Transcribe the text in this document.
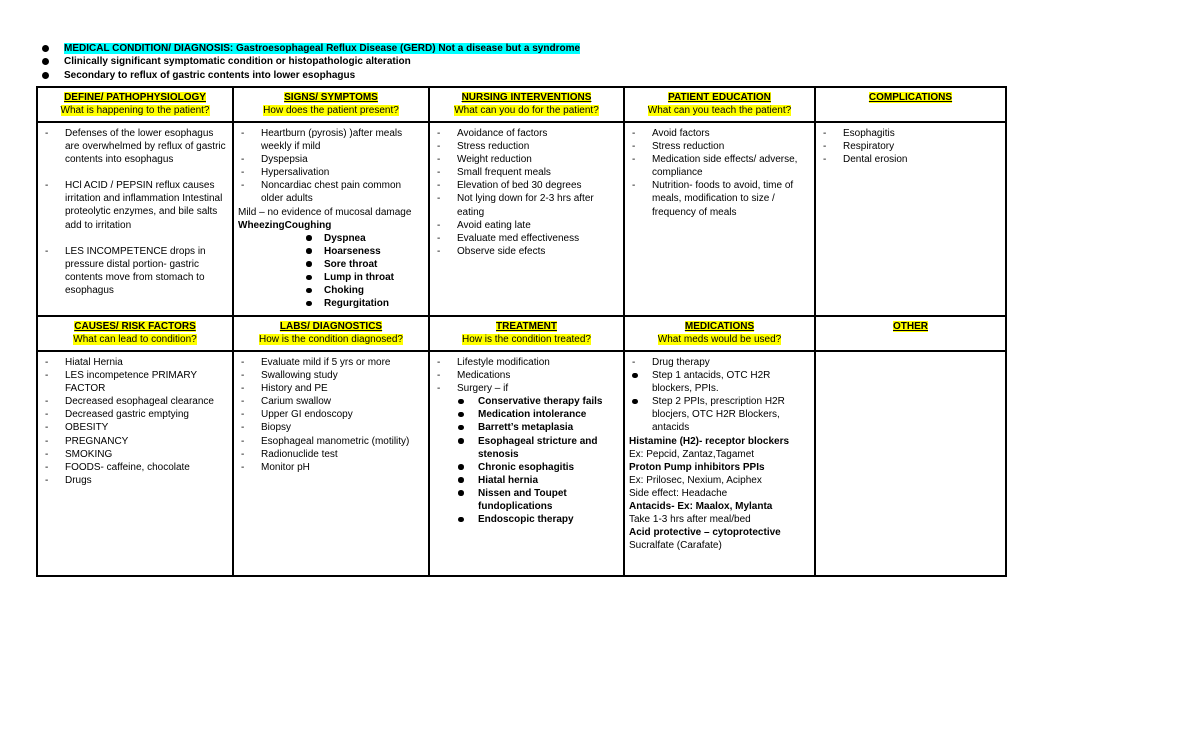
MEDICAL CONDITION/ DIAGNOSIS: Gastroesophageal Reflux Disease (GERD) Not a disease but a syndrome
Clinically significant symptomatic condition or histopathologic alteration
Secondary to reflux of gastric contents into lower esophagus
DEFINE/ PATHOPHYSIOLOGY
What is happening to the patient?
SIGNS/ SYMPTOMS
How does the patient present?
NURSING INTERVENTIONS
What can you do for the patient?
PATIENT EDUCATION
What can you teach the patient?
COMPLICATIONS
- Defenses of the lower esophagus are overwhelmed by reflux of gastric contents into esophagus
- HCl ACID / PEPSIN reflux causes irritation and inflammation Intestinal proteolytic enzymes, and bile salts add to irritation
- LES INCOMPETENCE drops in pressure distal portion- gastric contents move from stomach to esophagus
- Heartburn (pyrosis) )after meals weekly if mild
- Dyspepsia
- Hypersalivation
- Noncardiac chest pain common older adults

Mild – no evidence of mucosal damage

WheezingCoughing

Dyspnea
Hoarseness
Sore throat
Lump in throat
Choking
Regurgitation
- Avoidance of factors
- Stress reduction
- Weight reduction
- Small frequent meals
- Elevation of bed 30 degrees
- Not lying down for 2-3 hrs after eating
- Avoid eating late
- Evaluate med effectiveness
- Observe side efects
- Avoid factors
- Stress reduction
- Medication side effects/ adverse, compliance
- Nutrition- foods to avoid, time of meals, modification to size / frequency of meals
- Esophagitis
- Respiratory
- Dental erosion
CAUSES/ RISK FACTORS
What can lead to condition?
LABS/ DIAGNOSTICS
How is the condition diagnosed?
TREATMENT
How is the condition treated?
MEDICATIONS
What meds would be used?
OTHER
- Hiatal Hernia
- LES incompetence PRIMARY FACTOR
- Decreased esophageal clearance
- Decreased gastric emptying
- OBESITY
- PREGNANCY
- SMOKING
- FOODS- caffeine, chocolate
- Drugs
- Evaluate mild if 5 yrs or more
- Swallowing study
- History and PE
- Carium swallow
- Upper GI endoscopy
- Biopsy
- Esophageal manometric (motility)
- Radionuclide test
- Monitor pH
- Lifestyle modification
- Medications
- Surgery – if
Conservative therapy fails
Medication intolerance
Barrett’s metaplasia
Esophageal stricture and stenosis
Chronic esophagitis
Hiatal hernia
Nissen and Toupet fundoplications
Endoscopic therapy
- Drug therapy
Step 1 antacids, OTC H2R blockers, PPIs.
Step 2 PPIs, prescription H2R blocjers, OTC H2R Blockers, antacids

Histamine (H2)- receptor blockers

Ex: Pepcid, Zantaz,Tagamet

Proton Pump inhibitors PPIs

Ex: Prilosec, Nexium, Aciphex

Side effect: Headache

Antacids- Ex: Maalox, Mylanta

Take 1-3 hrs after meal/bed

Acid protective – cytoprotective

Sucralfate (Carafate)
